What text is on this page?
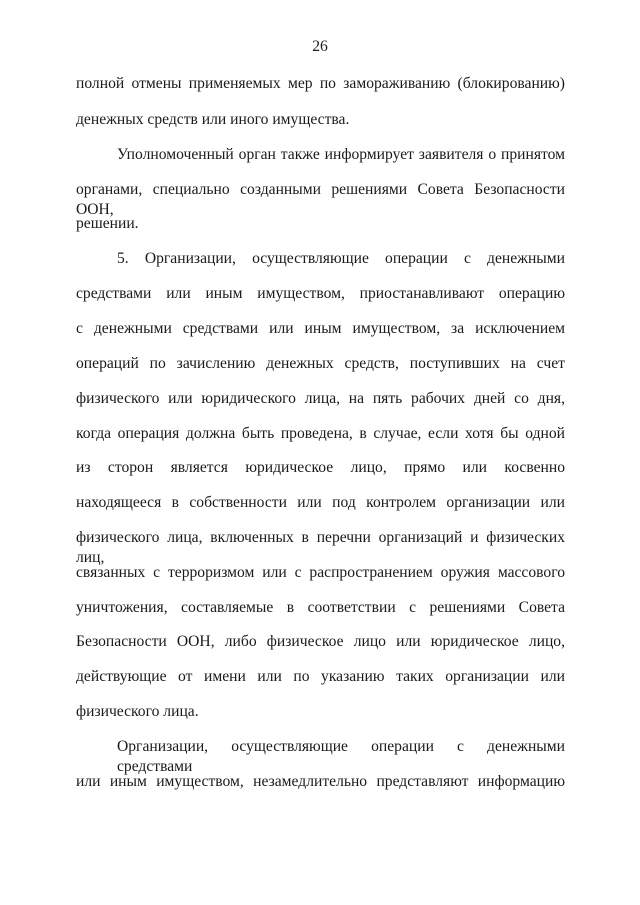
26
полной отмены применяемых мер по замораживанию (блокированию)
денежных средств или иного имущества.
Уполномоченный орган также информирует заявителя о принятом
органами, специально созданными решениями Совета Безопасности ООН,
решении.
5. Организации, осуществляющие операции с денежными
средствами или иным имуществом, приостанавливают операцию
с денежными средствами или иным имуществом, за исключением
операций по зачислению денежных средств, поступивших на счет
физического или юридического лица, на пять рабочих дней со дня,
когда операция должна быть проведена, в случае, если хотя бы одной
из сторон является юридическое лицо, прямо или косвенно
находящееся в собственности или под контролем организации или
физического лица, включенных в перечни организаций и физических лиц,
связанных с терроризмом или с распространением оружия массового
уничтожения, составляемые в соответствии с решениями Совета
Безопасности ООН, либо физическое лицо или юридическое лицо,
действующие от имени или по указанию таких организации или
физического лица.
Организации, осуществляющие операции с денежными средствами
или иным имуществом, незамедлительно представляют информацию
